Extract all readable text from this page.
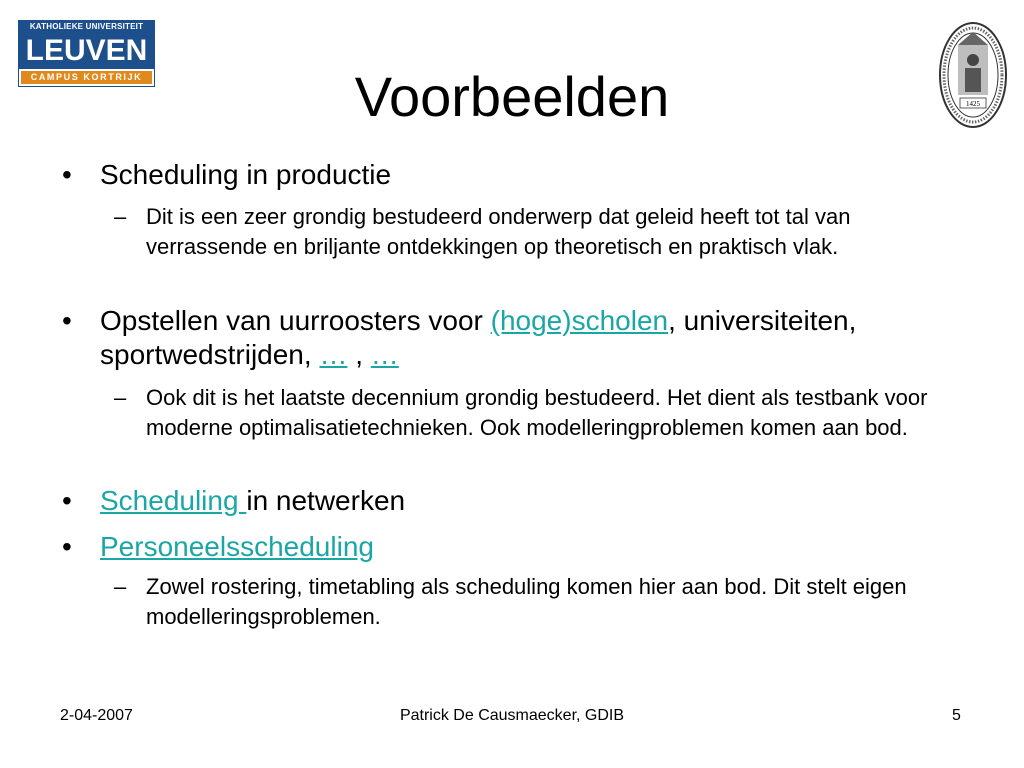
KATHOLIEKE UNIVERSITEIT
LEUVEN
CAMPUS KORTRIJK
1425
Voorbeelden
• Scheduling in productie
– Dit is een zeer grondig bestudeerd onderwerp dat geleid heeft tot tal van verrassende en briljante ontdekkingen op theoretisch en praktisch vlak.
• Opstellen van uurroosters voor (hoge)scholen, universiteiten, sportwedstrijden, … , …
– Ook dit is het laatste decennium grondig bestudeerd. Het dient als testbank voor moderne optimalisatietechnieken. Ook modelleringproblemen komen aan bod.
• Scheduling in netwerken
• Personeelsscheduling
– Zowel rostering, timetabling als scheduling komen hier aan bod. Dit stelt eigen modelleringsproblemen.
2-04-2007	Patrick De Causmaecker, GDIB	5
